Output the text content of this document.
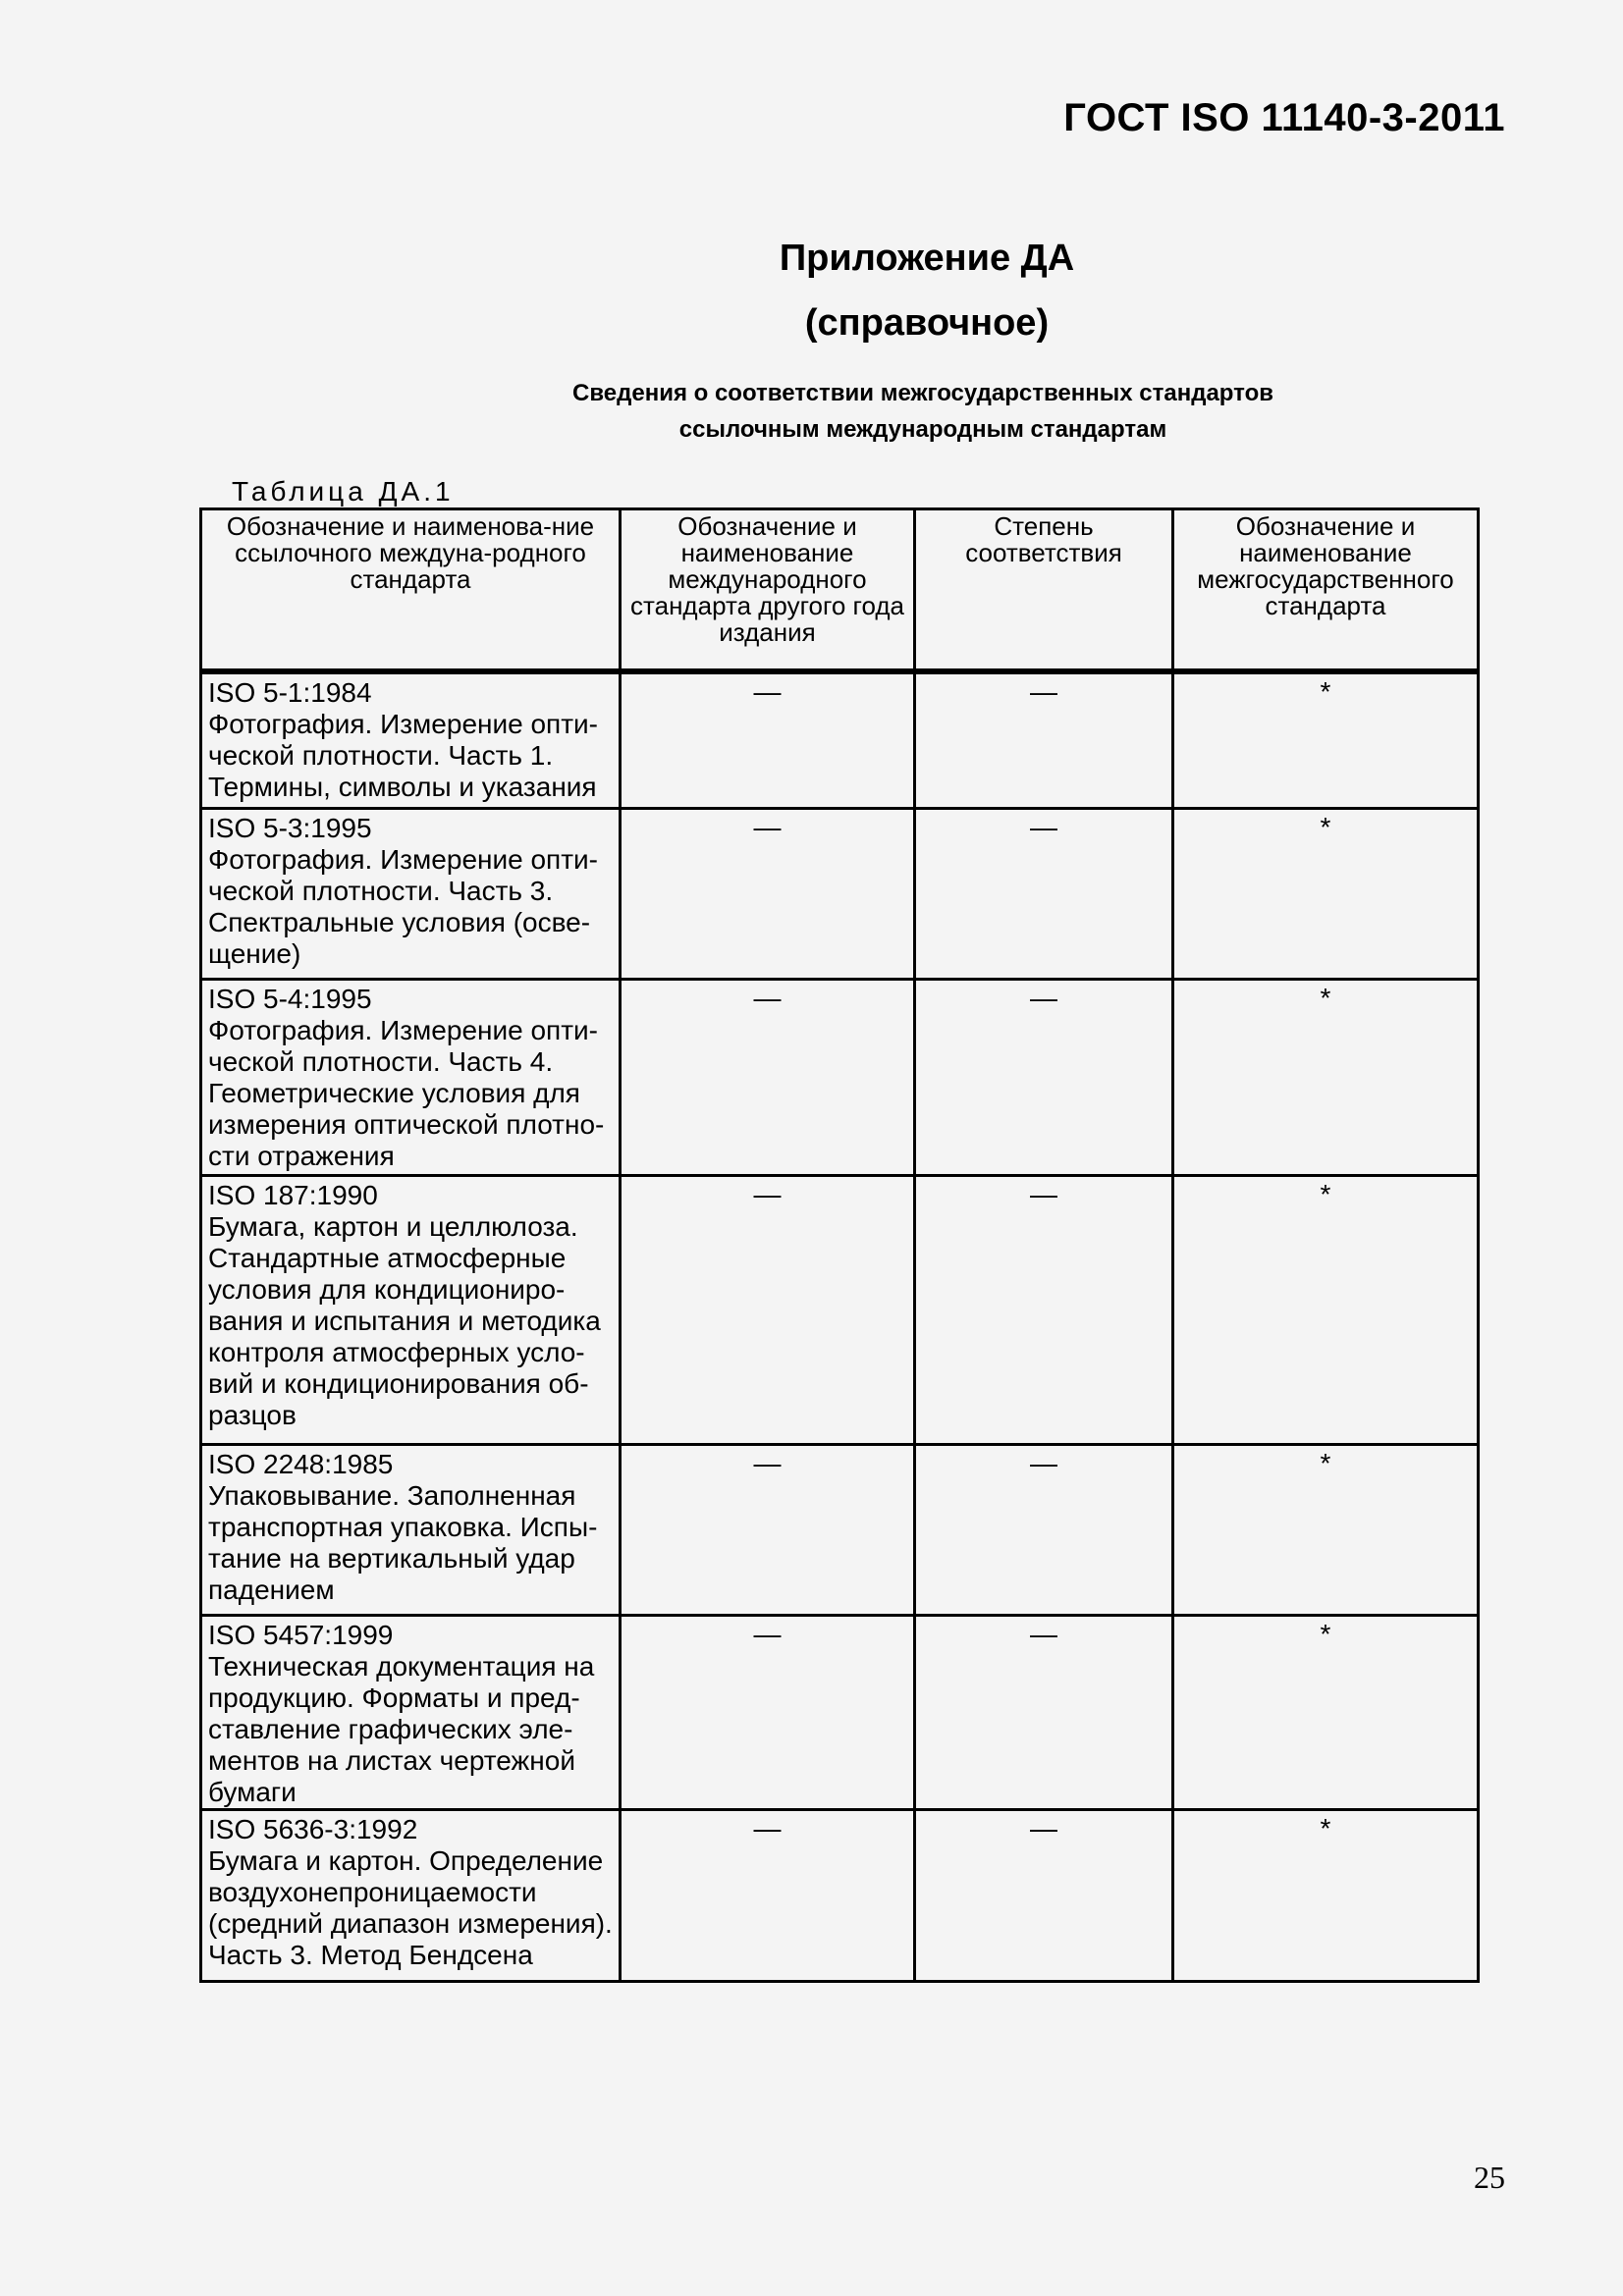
ГОСТ ISO 11140-3-2011
Приложение ДА
(справочное)
Сведения о соответствии межгосударственных стандартов
ссылочным международным стандартам
Таблица ДА.1
Обозначение и наименова-ние ссылочного междуна-родного стандарта	Обозначение и наименование международного стандарта другого года издания	Степень соответствия	Обозначение и наименование межгосударственного стандарта

ISO 5-1:1984
Фотография. Измерение опти-ческой плотности. Часть 1. Термины, символы и указания	—	—	*

ISO 5-3:1995
Фотография. Измерение опти-ческой плотности. Часть 3. Спектральные условия (осве-щение)	—	—	*

ISO 5-4:1995
Фотография. Измерение опти-ческой плотности. Часть 4. Геометрические условия для измерения оптической плотно-сти отражения	—	—	*

ISO 187:1990
Бумага, картон и целлюлоза. Стандартные атмосферные условия для кондициониро-вания и испытания и методика контроля атмосферных усло-вий и кондиционирования об-разцов	—	—	*

ISO 2248:1985
Упаковывание. Заполненная транспортная упаковка. Испы-тание на вертикальный удар падением	—	—	*

ISO 5457:1999
Техническая документация на продукцию. Форматы и пред-ставление графических эле-ментов на листах чертежной бумаги	—	—	*

ISO 5636-3:1992
Бумага и картон. Определение воздухонепроницаемости (средний диапазон измерения). Часть 3. Метод Бендсена	—	—	*
25
